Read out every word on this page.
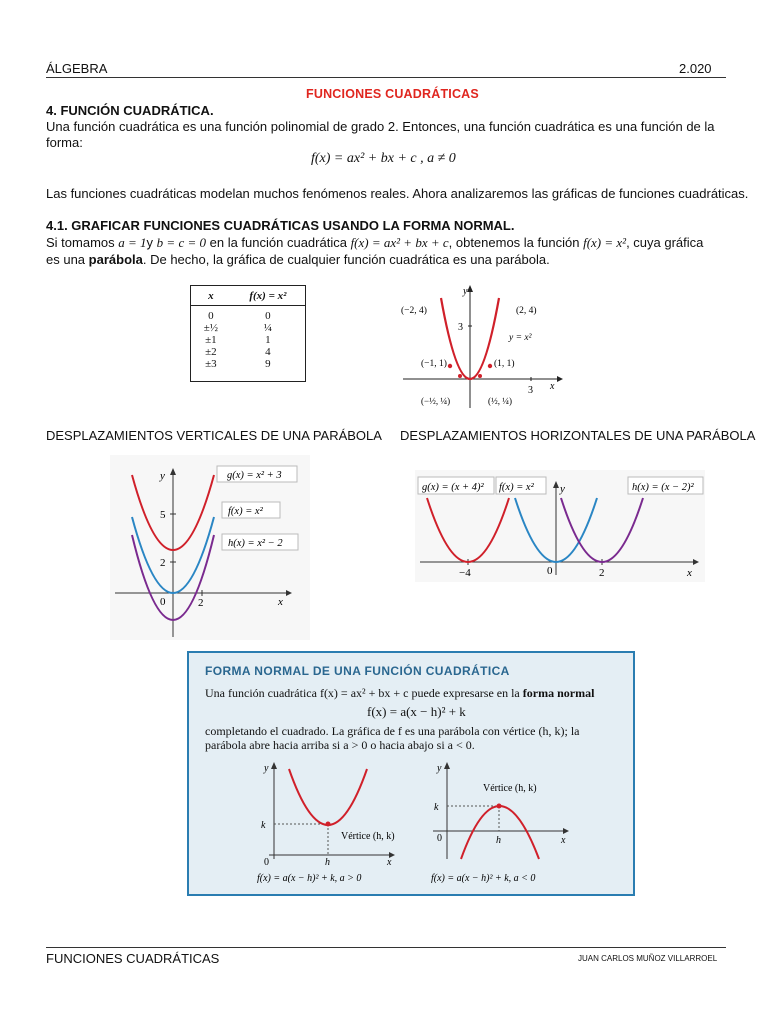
ÁLGEBRA	2.020
FUNCIONES CUADRÁTICAS
4. FUNCIÓN CUADRÁTICA.
Una función cuadrática es una función polinomial de grado 2. Entonces, una función cuadrática es una función de la
forma:
f(x) = ax² + bx + c , a ≠ 0
Las funciones cuadráticas modelan muchos fenómenos reales. Ahora analizaremos las gráficas de funciones cuadráticas.
4.1. GRAFICAR FUNCIONES CUADRÁTICAS USANDO LA FORMA NORMAL.
Si tomamos a = 1y b = c = 0 en la función cuadrática f(x) = ax² + bx + c, obtenemos la función f(x) = x², cuya gráfica
es una parábola. De hecho, la gráfica de cualquier función cuadrática es una parábola.
x	f(x) = x²

0	0
±½	¼
±1	1
±2	4
±3	9
y
x
3
3
(−2, 4)	(2, 4)
y = x²
(−1, 1)	(1, 1)
(−½, ¼)	(½, ¼)
DESPLAZAMIENTOS VERTICALES DE UNA PARÁBOLA DESPLAZAMIENTOS HORIZONTALES DE UNA PARÁBOLA
y
x
5
2
0	2
g(x) = x² + 3
f(x) = x²
h(x) = x² − 2
y
x
−4	0	2
g(x) = (x + 4)² f(x) = x²	h(x) = (x − 2)²
FORMA NORMAL DE UNA FUNCIÓN CUADRÁTICA
Una función cuadrática f(x) = ax² + bx + c puede expresarse en la forma normal
f(x) = a(x − h)² + k
completando el cuadrado. La gráfica de f es una parábola con vértice (h, k); la
parábola abre hacia arriba si a > 0 o hacia abajo si a < 0.
y
k
0	h	x
Vértice (h, k)
f(x) = a(x − h)² + k, a > 0
y
k
0	h	x
Vértice (h, k)
f(x) = a(x − h)² + k, a < 0
FUNCIONES CUADRÁTICAS	JUAN CARLOS MUÑOZ VILLARROEL
